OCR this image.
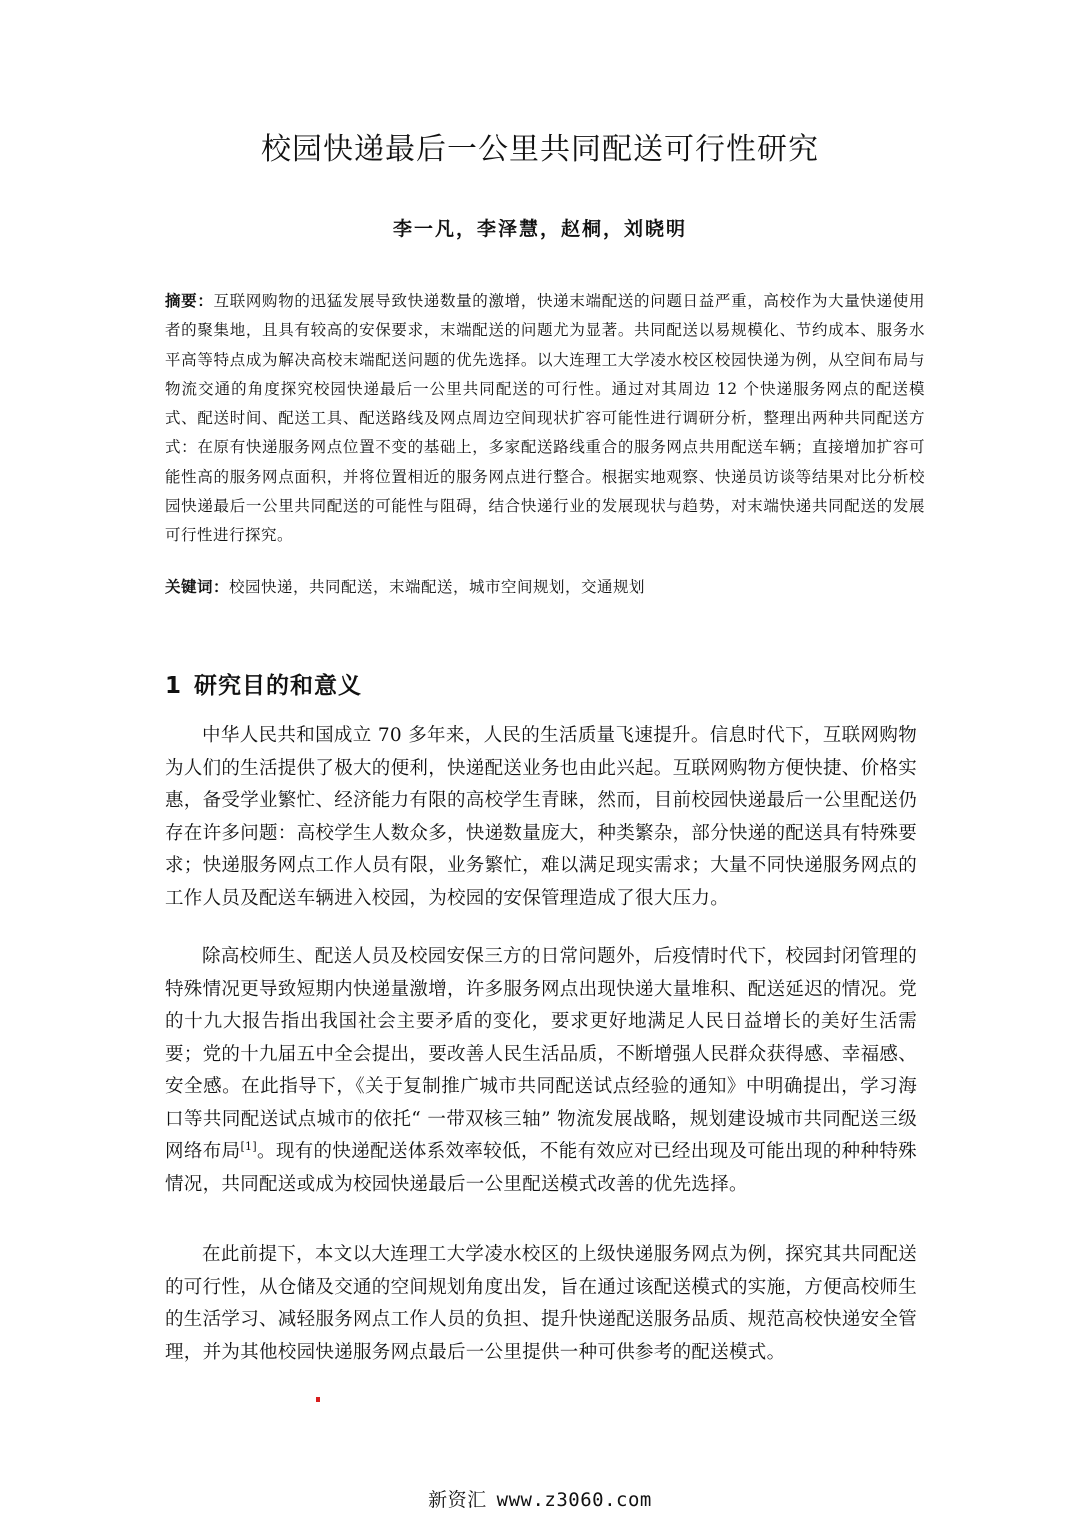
校园快递最后一公里共同配送可行性研究
李一凡，李泽慧，赵桐，刘晓明
摘要：互联网购物的迅猛发展导致快递数量的激增，快递末端配送的问题日益严重，高校作为大量快递使用者的聚集地，且具有较高的安保要求，末端配送的问题尤为显著。共同配送以易规模化、节约成本、服务水平高等特点成为解决高校末端配送问题的优先选择。以大连理工大学凌水校区校园快递为例，从空间布局与物流交通的角度探究校园快递最后一公里共同配送的可行性。通过对其周边 12 个快递服务网点的配送模式、配送时间、配送工具、配送路线及网点周边空间现状扩容可能性进行调研分析，整理出两种共同配送方式：在原有快递服务网点位置不变的基础上，多家配送路线重合的服务网点共用配送车辆；直接增加扩容可能性高的服务网点面积，并将位置相近的服务网点进行整合。根据实地观察、快递员访谈等结果对比分析校园快递最后一公里共同配送的可能性与阻碍，结合快递行业的发展现状与趋势，对末端快递共同配送的发展可行性进行探究。
关键词：校园快递，共同配送，末端配送，城市空间规划，交通规划
1 研究目的和意义

中华人民共和国成立 70 多年来，人民的生活质量飞速提升。信息时代下，互联网购物为人们的生活提供了极大的便利，快递配送业务也由此兴起。互联网购物方便快捷、价格实惠，备受学业繁忙、经济能力有限的高校学生青睐，然而，目前校园快递最后一公里配送仍存在许多问题：高校学生人数众多，快递数量庞大，种类繁杂，部分快递的配送具有特殊要求；快递服务网点工作人员有限，业务繁忙，难以满足现实需求；大量不同快递服务网点的工作人员及配送车辆进入校园，为校园的安保管理造成了很大压力。

除高校师生、配送人员及校园安保三方的日常问题外，后疫情时代下，校园封闭管理的特殊情况更导致短期内快递量激增，许多服务网点出现快递大量堆积、配送延迟的情况。党的十九大报告指出我国社会主要矛盾的变化，要求更好地满足人民日益增长的美好生活需要；党的十九届五中全会提出，要改善人民生活品质，不断增强人民群众获得感、幸福感、安全感。在此指导下，《关于复制推广城市共同配送试点经验的通知》中明确提出，学习海口等共同配送试点城市的依托“ 一带双核三轴” 物流发展战略，规划建设城市共同配送三级网络布局[1]。现有的快递配送体系效率较低，不能有效应对已经出现及可能出现的种种特殊情况，共同配送或成为校园快递最后一公里配送模式改善的优先选择。

在此前提下，本文以大连理工大学凌水校区的上级快递服务网点为例，探究其共同配送的可行性，从仓储及交通的空间规划角度出发，旨在通过该配送模式的实施，方便高校师生的生活学习、减轻服务网点工作人员的负担、提升快递配送服务品质、规范高校快递安全管理，并为其他校园快递服务网点最后一公里提供一种可供参考的配送模式。

新资汇 www.z3060.com
